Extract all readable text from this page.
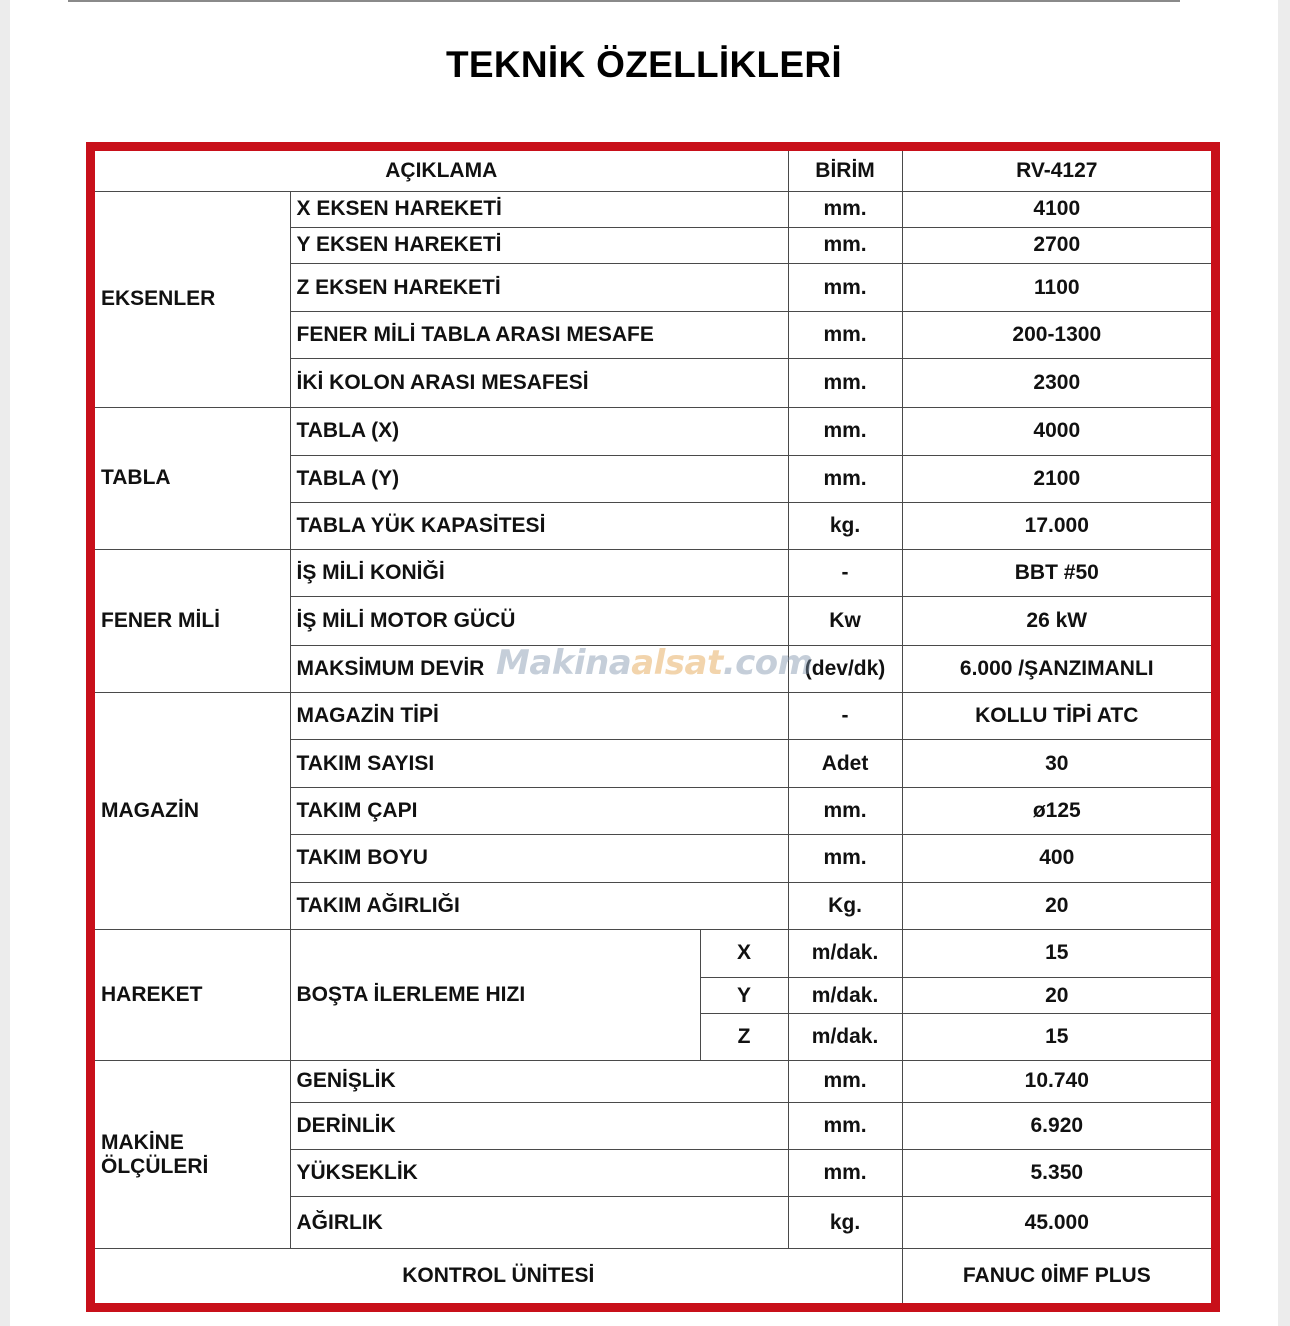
TEKNİK ÖZELLİKLERİ
AÇIKLAMA			BİRİM	RV-4127
EKSENLER	X EKSEN HAREKETİ		mm.	4100
	Y EKSEN HAREKETİ		mm.	2700
	Z EKSEN HAREKETİ		mm.	1100
	FENER MİLİ TABLA ARASI MESAFE		mm.	200-1300
	İKİ KOLON ARASI MESAFESİ		mm.	2300
TABLA	TABLA (X)		mm.	4000
	TABLA (Y)		mm.	2100
	TABLA YÜK KAPASİTESİ		kg.	17.000
FENER MİLİ	İŞ MİLİ KONİĞİ		-	BBT #50
	İŞ MİLİ MOTOR GÜCÜ		Kw	26 kW
	MAKSİMUM DEVİR		(dev/dk)	6.000 /ŞANZIMANLI
MAGAZİN	MAGAZİN TİPİ		-	KOLLU TİPİ ATC
	TAKIM SAYISI		Adet	30
	TAKIM ÇAPI		mm.	ø125
	TAKIM BOYU		mm.	400
	TAKIM AĞIRLIĞI		Kg.	20
HAREKET	BOŞTA İLERLEME HIZI	X	m/dak.	15
		Y	m/dak.	20
		Z	m/dak.	15
MAKİNE ÖLÇÜLERİ	GENİŞLİK		mm.	10.740
	DERİNLİK		mm.	6.920
	YÜKSEKLİK		mm.	5.350
	AĞIRLIK		kg.	45.000
KONTROL ÜNİTESİ				FANUC 0İMF PLUS
Makinaalsat.com
